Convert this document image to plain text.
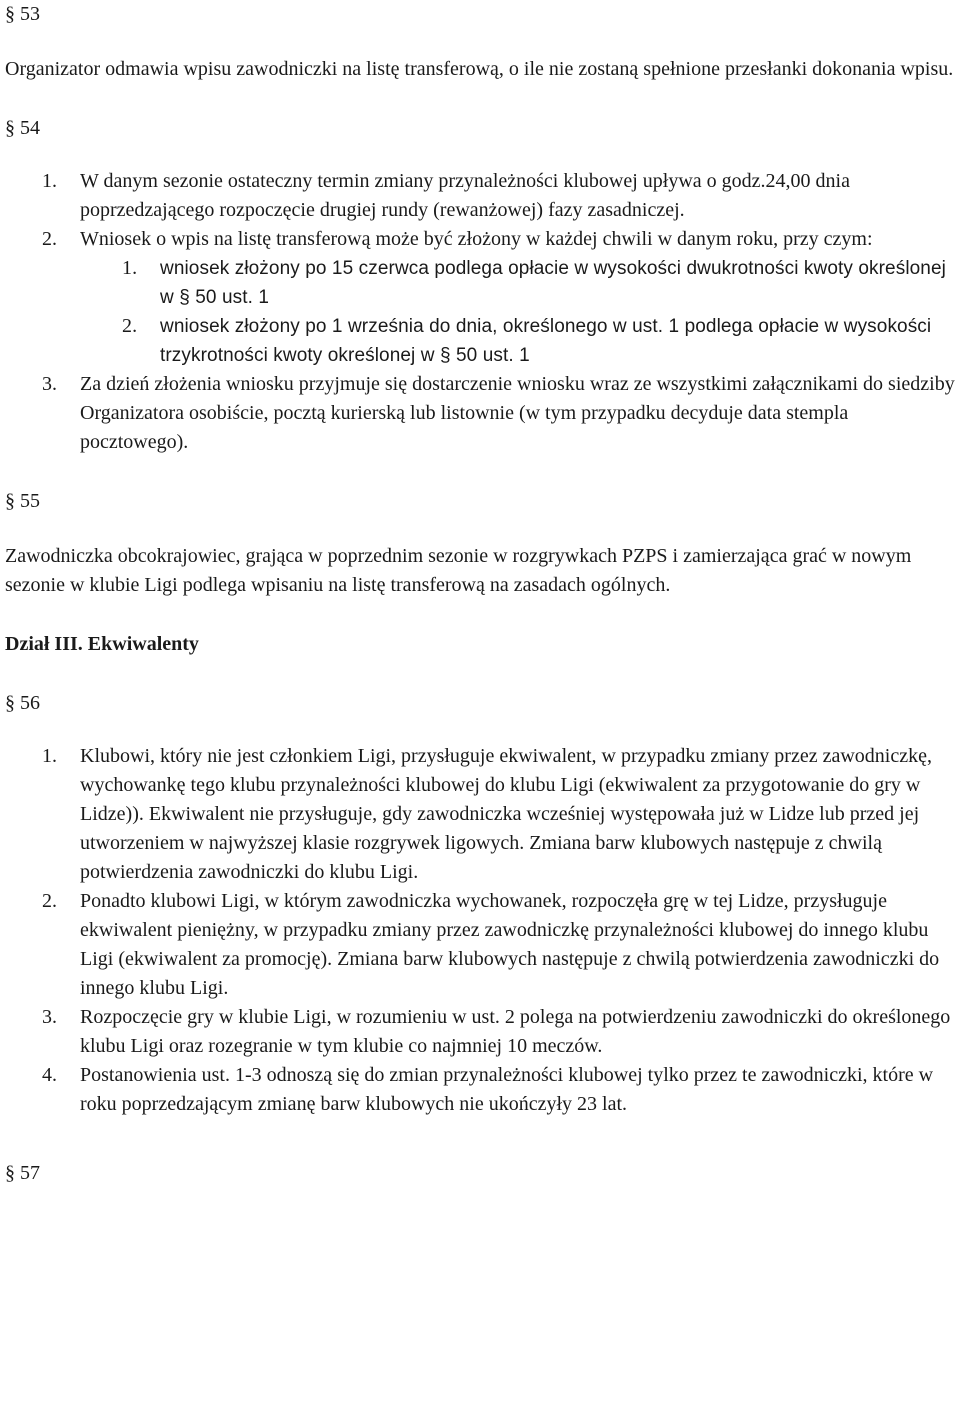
§ 53

Organizator odmawia wpisu zawodniczki na listę transferową, o ile nie zostaną spełnione przesłanki dokonania wpisu.

§ 54

1. W danym sezonie ostateczny termin zmiany przynależności klubowej upływa o godz.24,00 dnia poprzedzającego rozpoczęcie drugiej rundy (rewanżowej) fazy zasadniczej.
2. Wniosek o wpis na listę transferową może być złożony w każdej chwili w danym roku, przy czym:
1. wniosek złożony po 15 czerwca podlega opłacie w wysokości dwukrotności kwoty określonej w § 50 ust. 1
2. wniosek złożony po 1 września do dnia, określonego w ust. 1 podlega opłacie w wysokości trzykrotności kwoty określonej w § 50 ust. 1
3. Za dzień złożenia wniosku przyjmuje się dostarczenie wniosku wraz ze wszystkimi załącznikami do siedziby Organizatora osobiście, pocztą kurierską lub listownie (w tym przypadku decyduje data stempla pocztowego).

§ 55

Zawodniczka obcokrajowiec, grająca w poprzednim sezonie w rozgrywkach PZPS i zamierzająca grać w nowym sezonie w klubie Ligi podlega wpisaniu na listę transferową na zasadach ogólnych.

Dział III. Ekwiwalenty

§ 56

1. Klubowi, który nie jest członkiem Ligi, przysługuje ekwiwalent, w przypadku zmiany przez zawodniczkę, wychowankę tego klubu przynależności klubowej do klubu Ligi (ekwiwalent za przygotowanie do gry w Lidze)). Ekwiwalent nie przysługuje, gdy zawodniczka wcześniej występowała już w Lidze lub przed jej utworzeniem w najwyższej klasie rozgrywek ligowych. Zmiana barw klubowych następuje z chwilą potwierdzenia zawodniczki do klubu Ligi.
2. Ponadto klubowi Ligi, w którym zawodniczka wychowanek, rozpoczęła grę w tej Lidze, przysługuje ekwiwalent pieniężny, w przypadku zmiany przez zawodniczkę przynależności klubowej do innego klubu Ligi (ekwiwalent za promocję). Zmiana barw klubowych następuje z chwilą potwierdzenia zawodniczki do innego klubu Ligi.
3. Rozpoczęcie gry w klubie Ligi, w rozumieniu w ust. 2 polega na potwierdzeniu zawodniczki do określonego klubu Ligi oraz rozegranie w tym klubie co najmniej 10 meczów.
4. Postanowienia ust. 1-3 odnoszą się do zmian przynależności klubowej tylko przez te zawodniczki, które w roku poprzedzającym zmianę barw klubowych nie ukończyły 23 lat.

§ 57
